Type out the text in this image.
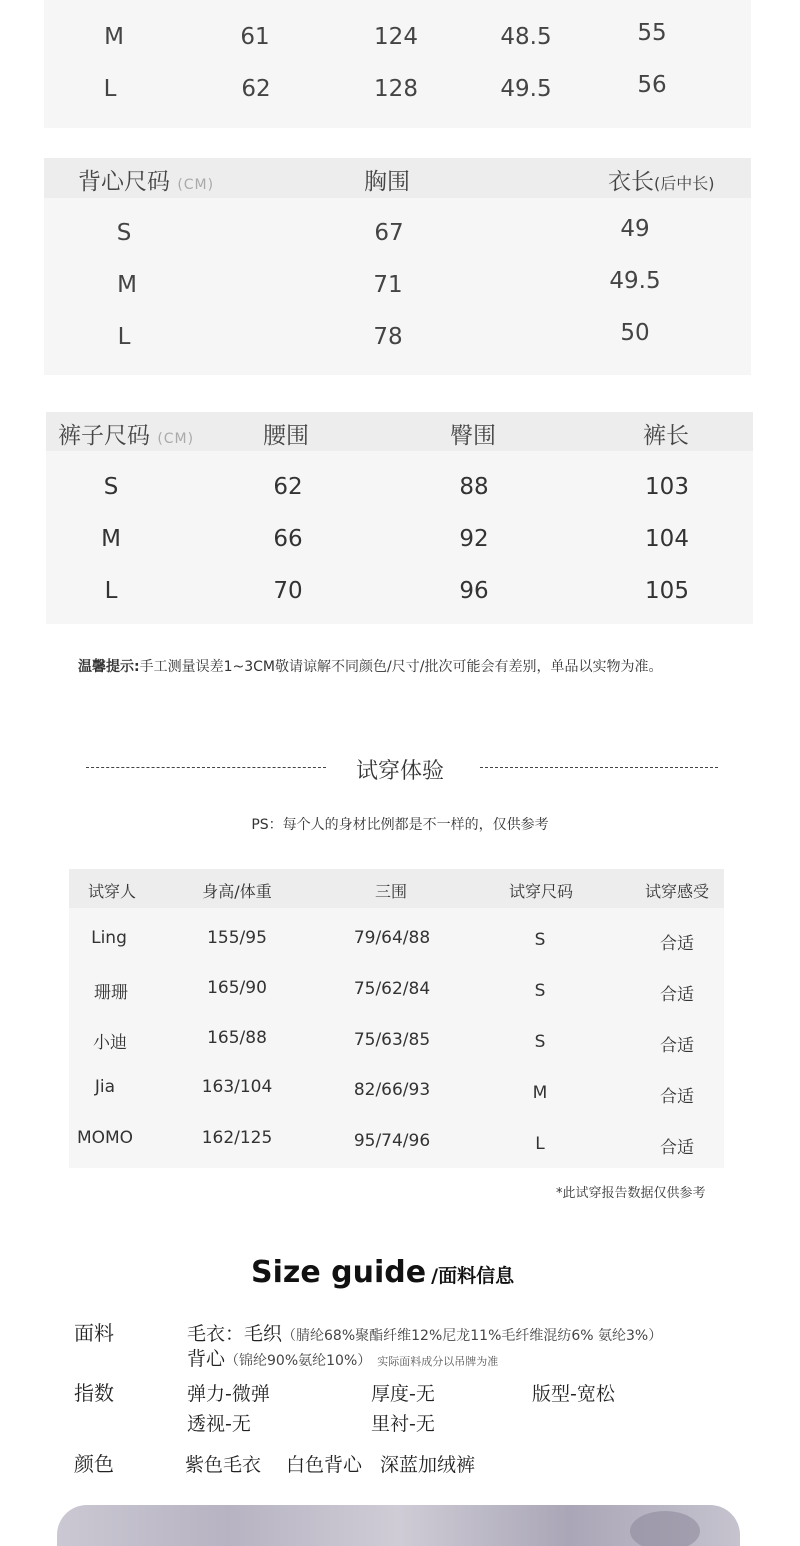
M	61	124	48.5	55
L	62	128	49.5	56
背心尺码 (CM)	胸围	衣长(后中长)
S	67	49
M	71	49.5
L	78	50
裤子尺码 (CM)	腰围	臀围	裤长
S	62	88	103
M	66	92	104
L	70	96	105
温馨提示:手工测量误差1~3CM敬请谅解不同颜色/尺寸/批次可能会有差别，单品以实物为准。
试穿体验
PS：每个人的身材比例都是不一样的，仅供参考
试穿人	身高/体重	三围	试穿尺码	试穿感受
Ling	155/95	79/64/88	S	合适
珊珊	165/90	75/62/84	S	合适
小迪	165/88	75/63/85	S	合适
Jia	163/104	82/66/93	M	合适
MOMO	162/125	95/74/96	L	合适
*此试穿报告数据仅供参考
Size guide /面料信息
面料	毛衣：毛织（腈纶68%聚酯纤维12%尼龙11%毛纤维混纺6% 氨纶3%）
背心（锦纶90%氨纶10%） 实际面料成分以吊牌为准
指数	弹力-微弹	厚度-无	版型-宽松
透视-无	里衬-无
颜色	紫色毛衣 白色背心 深蓝加绒裤
